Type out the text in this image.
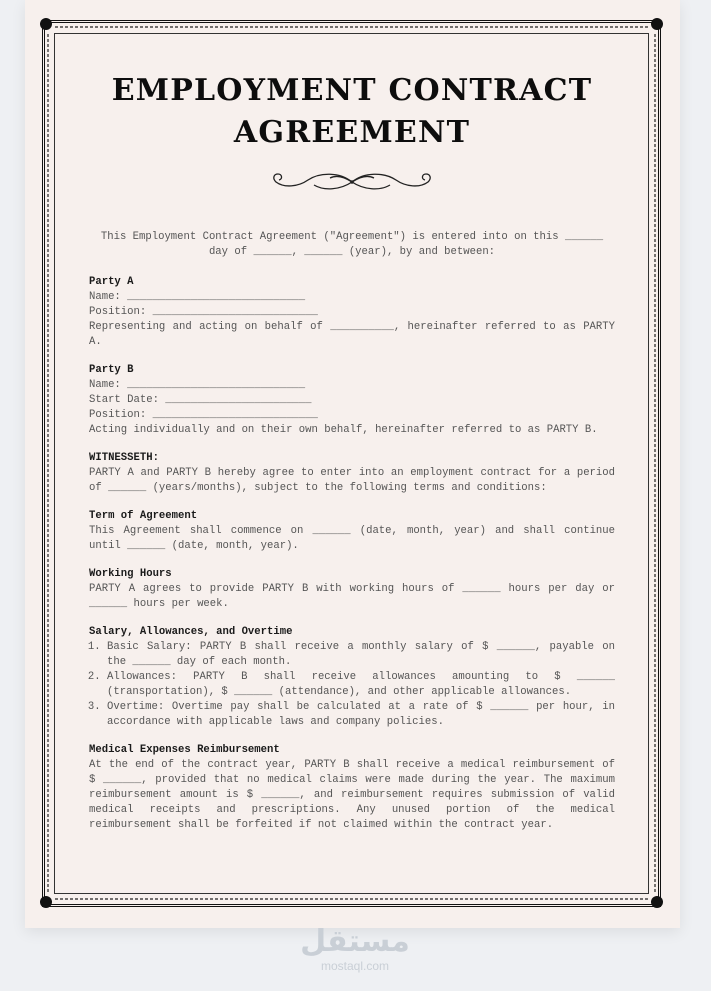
EMPLOYMENT CONTRACT
AGREEMENT
This Employment Contract Agreement ("Agreement") is entered into on this ______ day of ______, ______ (year), by and between:
Party A
Name: ____________________________
Position: __________________________
Representing and acting on behalf of __________, hereinafter referred to as PARTY A.
Party B
Name: ____________________________
Start Date: _______________________
Position: __________________________
Acting individually and on their own behalf, hereinafter referred to as PARTY B.
WITNESSETH:
PARTY A and PARTY B hereby agree to enter into an employment contract for a period of ______ (years/months), subject to the following terms and conditions:
Term of Agreement
This Agreement shall commence on ______ (date, month, year) and shall continue until ______ (date, month, year).
Working Hours
PARTY A agrees to provide PARTY B with working hours of ______ hours per day or ______ hours per week.
Salary, Allowances, and Overtime
1. Basic Salary: PARTY B shall receive a monthly salary of $ ______, payable on the ______ day of each month.
2. Allowances: PARTY B shall receive allowances amounting to $ ______ (transportation), $ ______ (attendance), and other applicable allowances.
3. Overtime: Overtime pay shall be calculated at a rate of $ ______ per hour, in accordance with applicable laws and company policies.
Medical Expenses Reimbursement
At the end of the contract year, PARTY B shall receive a medical reimbursement of $ ______, provided that no medical claims were made during the year. The maximum reimbursement amount is $ ______, and reimbursement requires submission of valid medical receipts and prescriptions. Any unused portion of the medical reimbursement shall be forfeited if not claimed within the contract year.
مستقل
mostaql.com
